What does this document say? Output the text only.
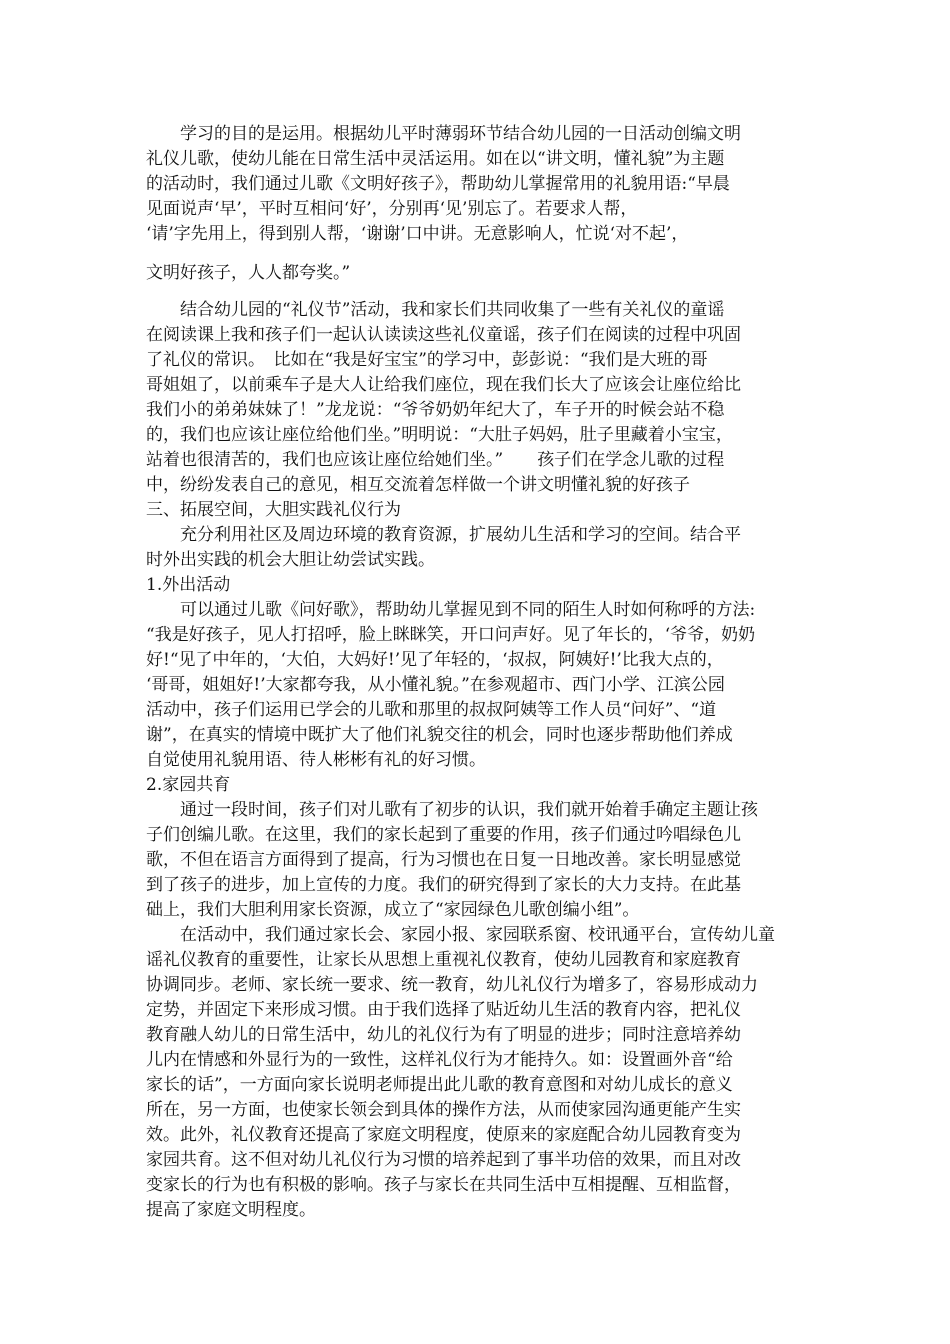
　　学习的目的是运用。根据幼儿平时薄弱环节结合幼儿园的一日活动创编文明
礼仪儿歌，使幼儿能在日常生活中灵活运用。如在以“讲文明，懂礼貌”为主题
的活动时，我们通过儿歌《文明好孩子》，帮助幼儿掌握常用的礼貌用语:“早晨
见面说声‘早’，平时互相问‘好’，分别再‘见’别忘了。若要求人帮，
‘请’字先用上，得到别人帮，‘谢谢’口中讲。无意影响人，忙说‘对不起’，
文明好孩子，人人都夸奖。”
　　结合幼儿园的“礼仪节”活动，我和家长们共同收集了一些有关礼仪的童谣
在阅读课上我和孩子们一起认认读读这些礼仪童谣，孩子们在阅读的过程中巩固
了礼仪的常识。　比如在“我是好宝宝”的学习中，彭彭说：“我们是大班的哥
哥姐姐了，以前乘车子是大人让给我们座位，现在我们长大了应该会让座位给比
我们小的弟弟妹妹了！”龙龙说：“爷爷奶奶年纪大了，车子开的时候会站不稳
的，我们也应该让座位给他们坐。”明明说：“大肚子妈妈，肚子里藏着小宝宝，
站着也很清苦的，我们也应该让座位给她们坐。”　　孩子们在学念儿歌的过程
中，纷纷发表自己的意见，相互交流着怎样做一个讲文明懂礼貌的好孩子
三、拓展空间，大胆实践礼仪行为
　　充分利用社区及周边环境的教育资源，扩展幼儿生活和学习的空间。结合平
时外出实践的机会大胆让幼尝试实践。
1.外出活动
　　可以通过儿歌《问好歌》，帮助幼儿掌握见到不同的陌生人时如何称呼的方法:
“我是好孩子，见人打招呼，脸上眯眯笑，开口问声好。见了年长的，‘爷爷，奶奶
好!“见了中年的，‘大伯，大妈好!’见了年轻的，‘叔叔，阿姨好!’比我大点的，
‘哥哥，姐姐好!’大家都夸我，从小懂礼貌。”在参观超市、西门小学、江滨公园
活动中，孩子们运用已学会的儿歌和那里的叔叔阿姨等工作人员“问好”、“道
谢”，在真实的情境中既扩大了他们礼貌交往的机会，同时也逐步帮助他们养成
自觉使用礼貌用语、待人彬彬有礼的好习惯。
2.家园共育
　　通过一段时间，孩子们对儿歌有了初步的认识，我们就开始着手确定主题让孩
子们创编儿歌。在这里，我们的家长起到了重要的作用，孩子们通过吟唱绿色儿
歌，不但在语言方面得到了提高，行为习惯也在日复一日地改善。家长明显感觉
到了孩子的进步，加上宣传的力度。我们的研究得到了家长的大力支持。在此基
础上，我们大胆利用家长资源，成立了“家园绿色儿歌创编小组”。
　　在活动中，我们通过家长会、家园小报、家园联系窗、校讯通平台，宣传幼儿童
谣礼仪教育的重要性，让家长从思想上重视礼仪教育，使幼儿园教育和家庭教育
协调同步。老师、家长统一要求、统一教育，幼儿礼仪行为增多了，容易形成动力
定势，并固定下来形成习惯。由于我们选择了贴近幼儿生活的教育内容，把礼仪
教育融人幼儿的日常生活中，幼儿的礼仪行为有了明显的进步；同时注意培养幼
儿内在情感和外显行为的一致性，这样礼仪行为才能持久。如：设置画外音“给
家长的话”，一方面向家长说明老师提出此儿歌的教育意图和对幼儿成长的意义
所在，另一方面，也使家长领会到具体的操作方法，从而使家园沟通更能产生实
效。此外，礼仪教育还提高了家庭文明程度，使原来的家庭配合幼儿园教育变为
家园共育。这不但对幼儿礼仪行为习惯的培养起到了事半功倍的效果，而且对改
变家长的行为也有积极的影响。孩子与家长在共同生活中互相提醒、互相监督，
提高了家庭文明程度。
